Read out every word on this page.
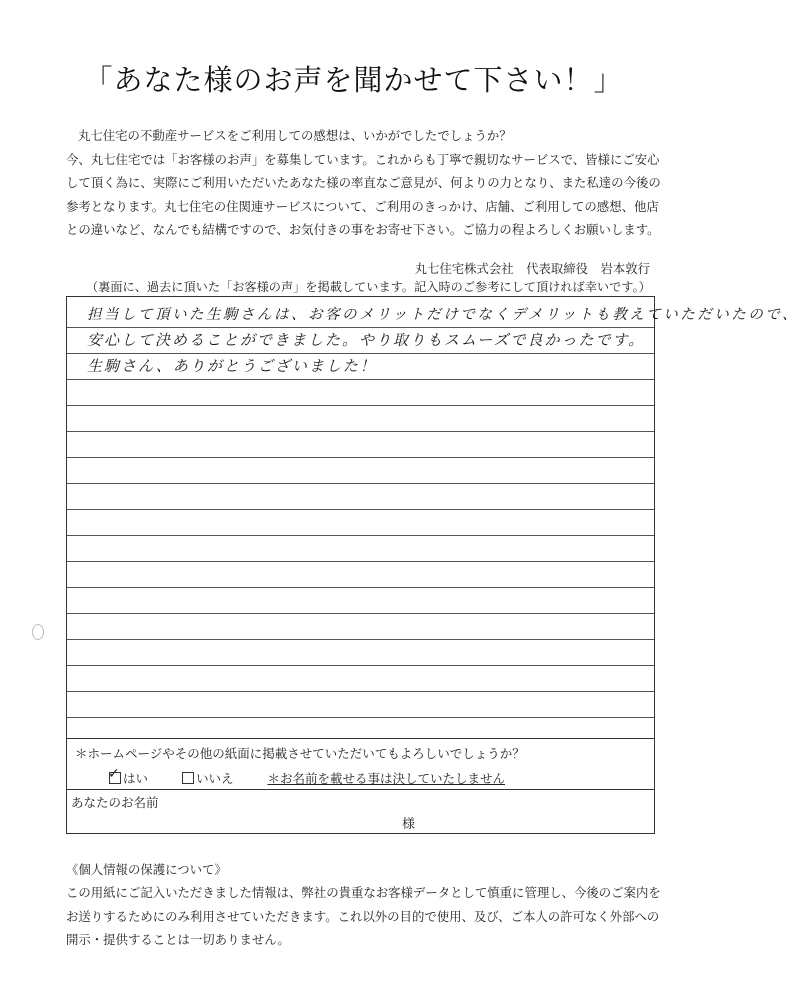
「あなた様のお声を聞かせて下さい！」

丸七住宅の不動産サービスをご利用しての感想は、いかがでしたでしょうか？

今、丸七住宅では「お客様のお声」を募集しています。これからも丁寧で親切なサービスで、皆様にご安心

して頂く為に、実際にご利用いただいたあなた様の率直なご意見が、何よりの力となり、また私達の今後の

参考となります。丸七住宅の住関連サービスについて、ご利用のきっかけ、店舗、ご利用しての感想、他店

との違いなど、なんでも結構ですので、お気付きの事をお寄せ下さい。ご協力の程よろしくお願いします。

丸七住宅株式会社　代表取締役　岩本敦行
（裏面に、過去に頂いた「お客様の声」を掲載しています。記入時のご参考にして頂ければ幸いです。）
担当して頂いた生駒さんは、お客のメリットだけでなくデメリットも教えていただいたので、
安心して決めることができました。やり取りもスムーズで良かったです。
生駒さん、ありがとうございました！
＊ホームページやその他の紙面に掲載させていただいてもよろしいでしょうか？
✓ はい	いいえ	＊お名前を載せる事は決していたしません
あなたのお名前
様
《個人情報の保護について》

この用紙にご記入いただきました情報は、弊社の貴重なお客様データとして慎重に管理し、今後のご案内を

お送りするためにのみ利用させていただきます。これ以外の目的で使用、及び、ご本人の許可なく外部への

開示・提供することは一切ありません。
